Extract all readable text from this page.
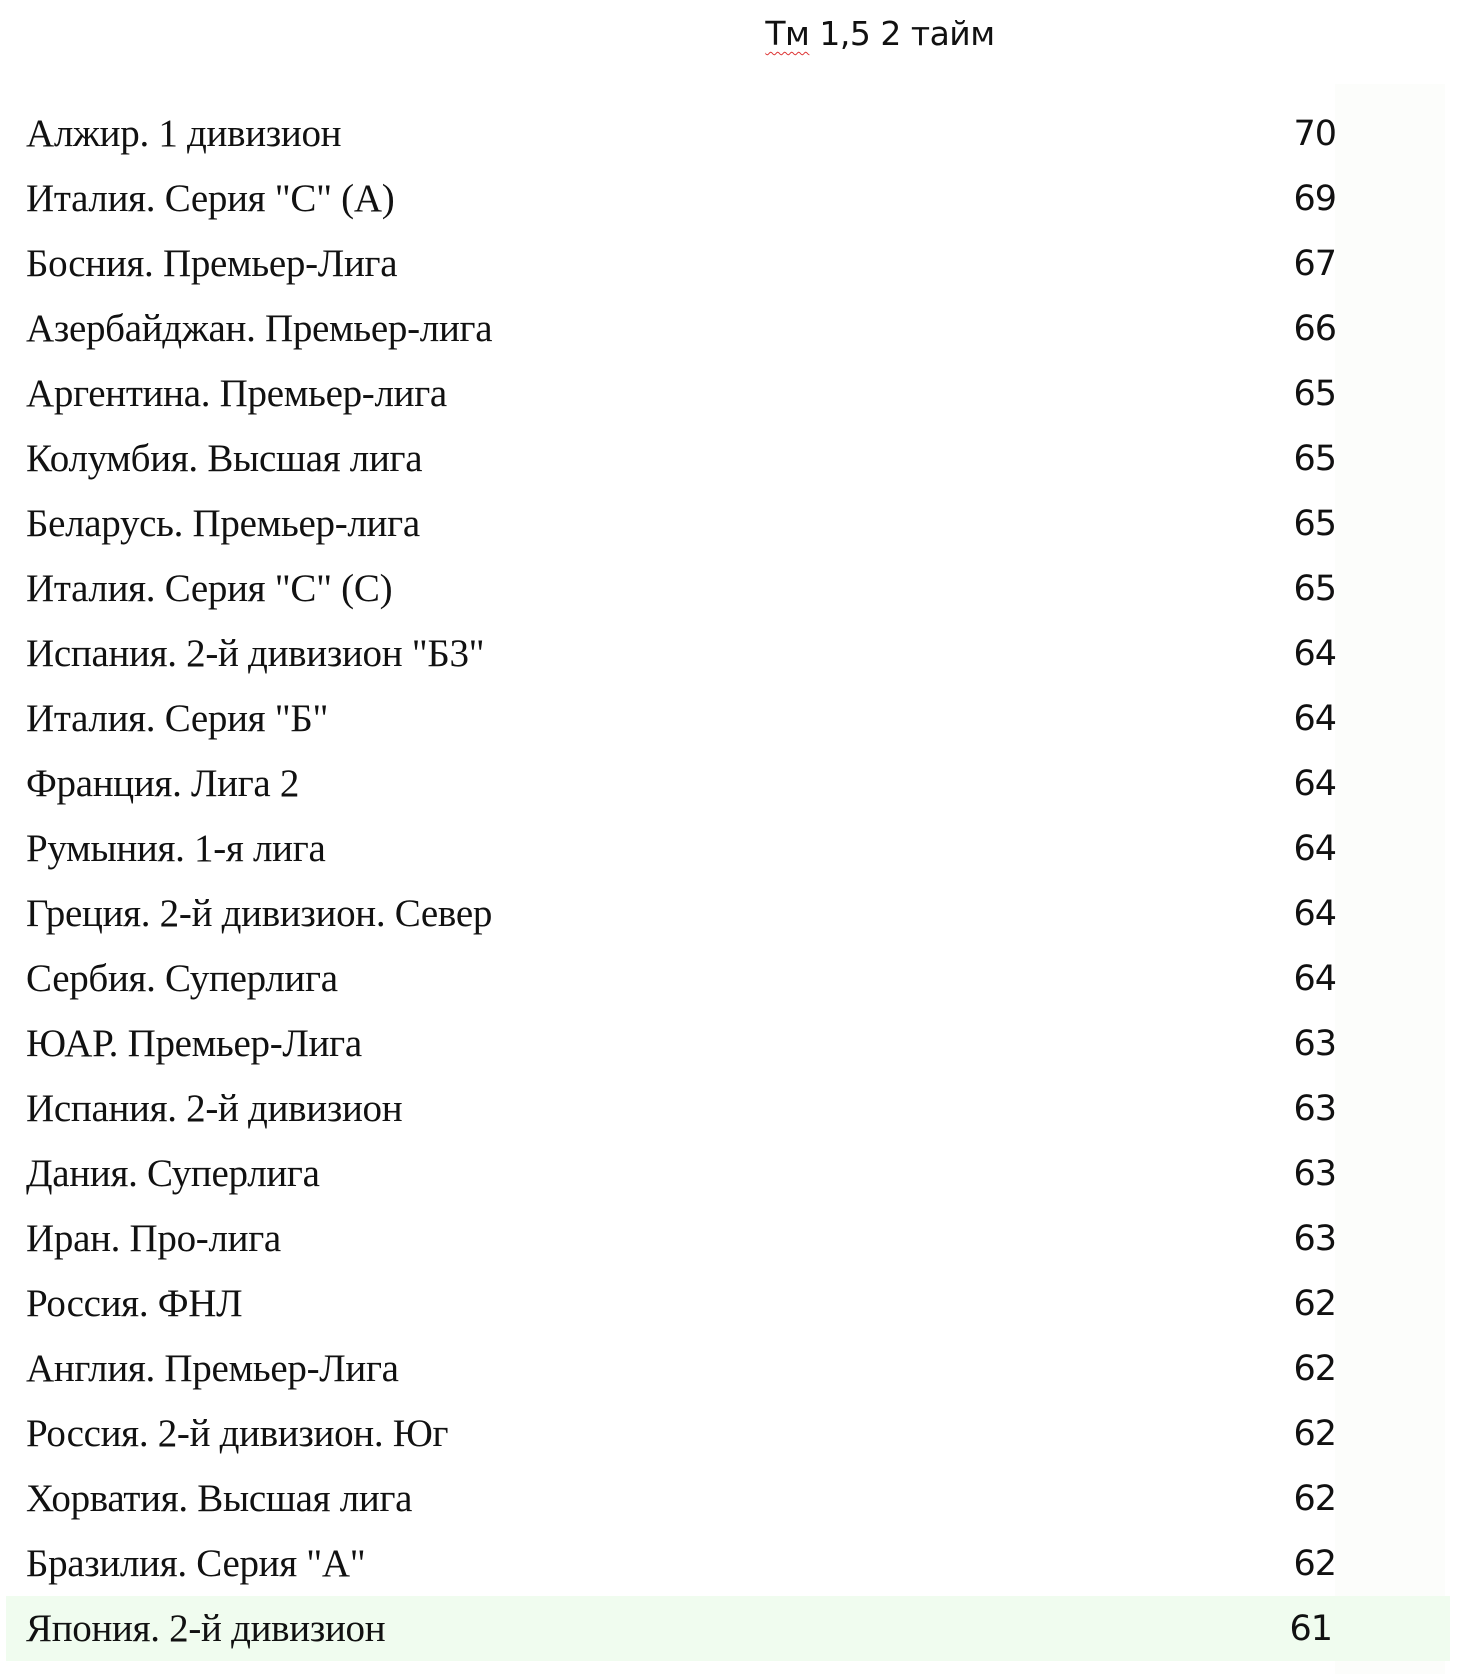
Тм 1,5 2 тайм
Алжир. 1 дивизион	70
Италия. Серия "С" (А)	69
Босния. Премьер-Лига	67
Азербайджан. Премьер-лига	66
Аргентина. Премьер-лига	65
Колумбия. Высшая лига	65
Беларусь. Премьер-лига	65
Италия. Серия "С" (С)	65
Испания. 2-й дивизион "Б3"	64
Италия. Серия "Б"	64
Франция. Лига 2	64
Румыния. 1-я лига	64
Греция. 2-й дивизион. Север	64
Сербия. Суперлига	64
ЮАР. Премьер-Лига	63
Испания. 2-й дивизион	63
Дания. Суперлига	63
Иран. Про-лига	63
Россия. ФНЛ	62
Англия. Премьер-Лига	62
Россия. 2-й дивизион. Юг	62
Хорватия. Высшая лига	62
Бразилия. Серия "А"	62
Япония. 2-й дивизион	61
